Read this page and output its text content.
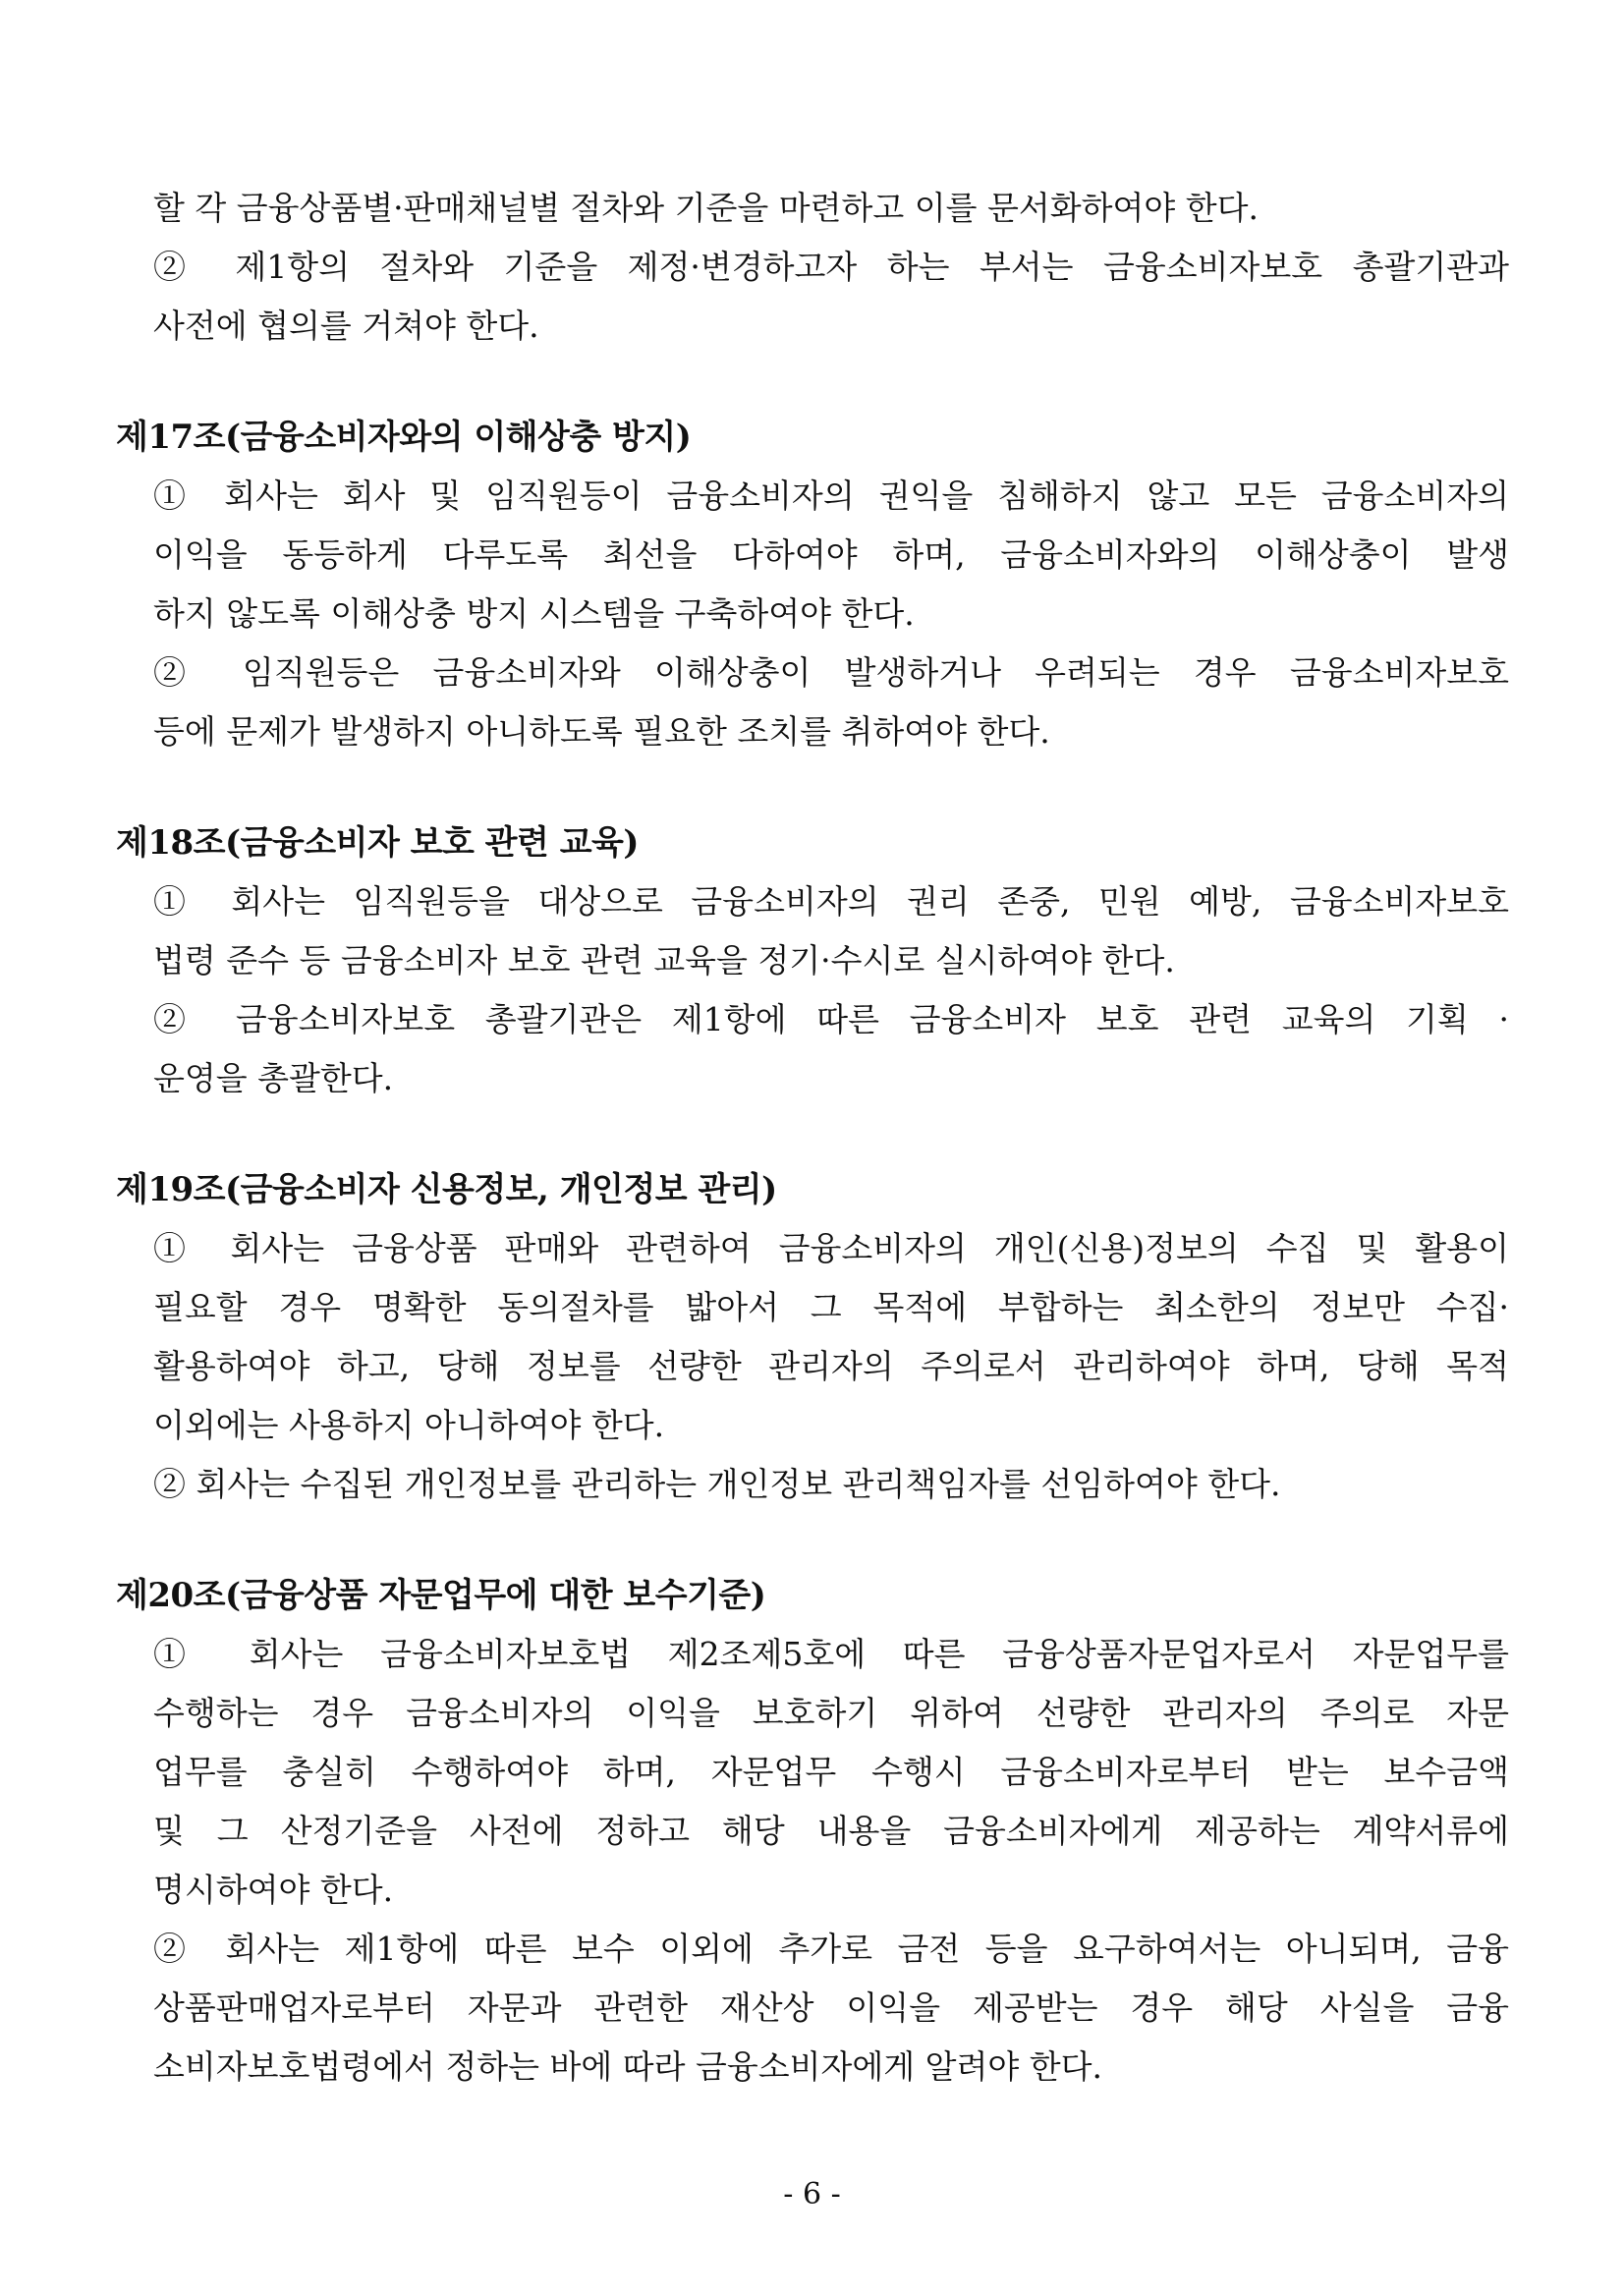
할 각 금융상품별·판매채널별 절차와 기준을 마련하고 이를 문서화하여야 한다.
② 제1항의 절차와 기준을 제정·변경하고자 하는 부서는 금융소비자보호 총괄기관과
사전에 협의를 거쳐야 한다.
제17조(금융소비자와의 이해상충 방지)
① 회사는 회사 및 임직원등이 금융소비자의 권익을 침해하지 않고 모든 금융소비자의
이익을 동등하게 다루도록 최선을 다하여야 하며, 금융소비자와의 이해상충이 발생
하지 않도록 이해상충 방지 시스템을 구축하여야 한다.
② 임직원등은 금융소비자와 이해상충이 발생하거나 우려되는 경우 금융소비자보호
등에 문제가 발생하지 아니하도록 필요한 조치를 취하여야 한다.
제18조(금융소비자 보호 관련 교육)
① 회사는 임직원등을 대상으로 금융소비자의 권리 존중, 민원 예방, 금융소비자보호
법령 준수 등 금융소비자 보호 관련 교육을 정기·수시로 실시하여야 한다.
② 금융소비자보호 총괄기관은 제1항에 따른 금융소비자 보호 관련 교육의 기획 ·
운영을 총괄한다.
제19조(금융소비자 신용정보, 개인정보 관리)
① 회사는 금융상품 판매와 관련하여 금융소비자의 개인(신용)정보의 수집 및 활용이
필요할 경우 명확한 동의절차를 밟아서 그 목적에 부합하는 최소한의 정보만 수집·
활용하여야 하고, 당해 정보를 선량한 관리자의 주의로서 관리하여야 하며, 당해 목적
이외에는 사용하지 아니하여야 한다.
② 회사는 수집된 개인정보를 관리하는 개인정보 관리책임자를 선임하여야 한다.
제20조(금융상품 자문업무에 대한 보수기준)
① 회사는 금융소비자보호법 제2조제5호에 따른 금융상품자문업자로서 자문업무를
수행하는 경우 금융소비자의 이익을 보호하기 위하여 선량한 관리자의 주의로 자문
업무를 충실히 수행하여야 하며, 자문업무 수행시 금융소비자로부터 받는 보수금액
및 그 산정기준을 사전에 정하고 해당 내용을 금융소비자에게 제공하는 계약서류에
명시하여야 한다.
② 회사는 제1항에 따른 보수 이외에 추가로 금전 등을 요구하여서는 아니되며, 금융
상품판매업자로부터 자문과 관련한 재산상 이익을 제공받는 경우 해당 사실을 금융
소비자보호법령에서 정하는 바에 따라 금융소비자에게 알려야 한다.
- 6 -
